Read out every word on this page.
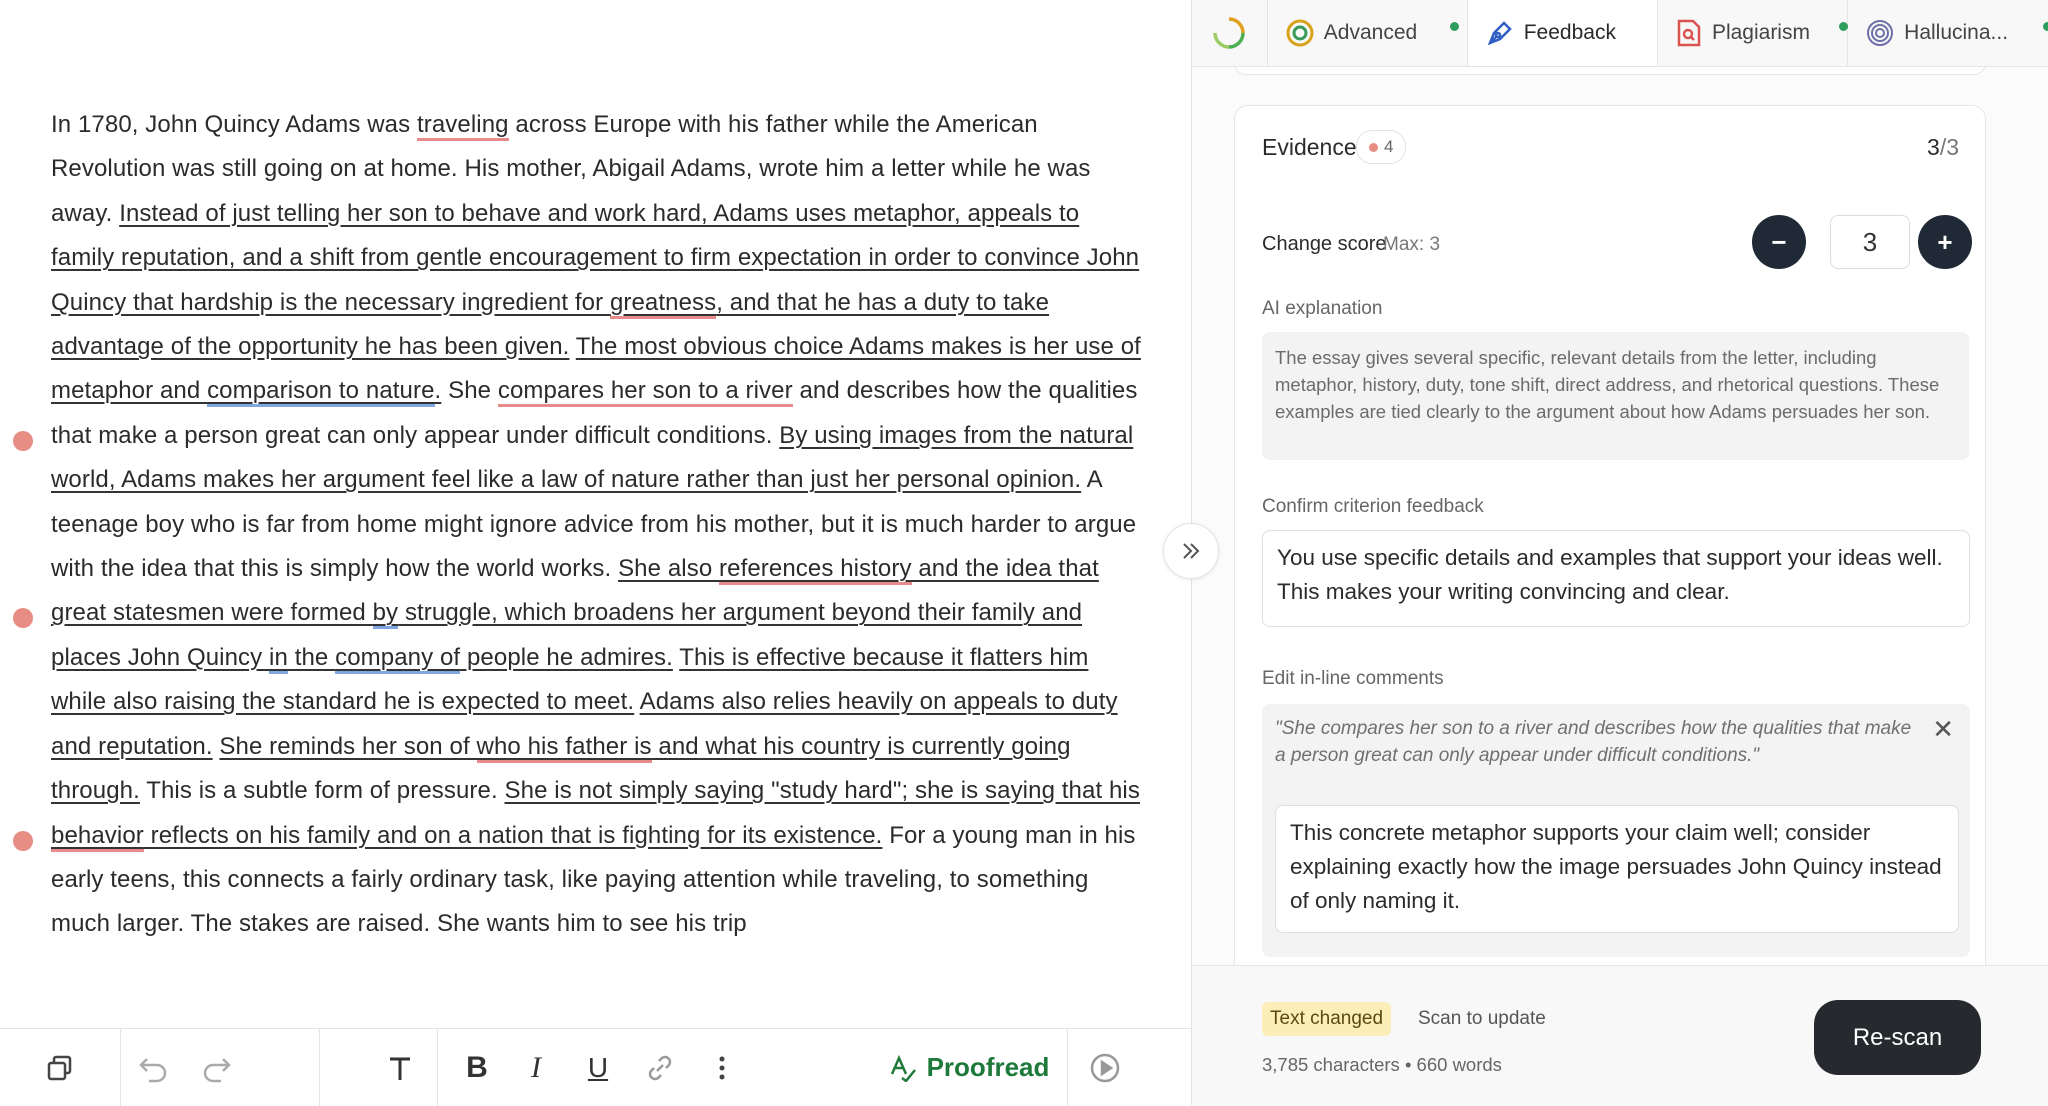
In 1780, John Quincy Adams was traveling across Europe with his father while the American Revolution was still going on at home. His mother, Abigail Adams, wrote him a letter while he was away. Instead of just telling her son to behave and work hard, Adams uses metaphor, appeals to family reputation, and a shift from gentle encouragement to firm expectation in order to convince John Quincy that hardship is the necessary ingredient for greatness, and that he has a duty to take advantage of the opportunity he has been given. The most obvious choice Adams makes is her use of metaphor and comparison to nature. She compares her son to a river and describes how the qualities that make a person great can only appear under difficult conditions. By using images from the natural world, Adams makes her argument feel like a law of nature rather than just her personal opinion. A teenage boy who is far from home might ignore advice from his mother, but it is much harder to argue with the idea that this is simply how the world works. She also references history and the idea that great statesmen were formed by struggle, which broadens her argument beyond their family and places John Quincy in the company of people he admires. This is effective because it flatters him while also raising the standard he is expected to meet. Adams also relies heavily on appeals to duty and reputation. She reminds her son of who his father is and what his country is currently going through. This is a subtle form of pressure. She is not simply saying "study hard"; she is saying that his behavior reflects on his family and on a nation that is fighting for its existence. For a young man in his early teens, this connects a fairly ordinary task, like paying attention while traveling, to something much larger. The stakes are raised. She wants him to see his trip

B	I	U	Proofread
Advanced	Feedback	Plagiarism	Hallucina...
Evidence 4	3/3
Change score
Max: 3	−	3	+
AI explanation
The essay gives several specific, relevant details from the letter, including metaphor, history, duty, tone shift, direct address, and rhetorical questions. These examples are tied clearly to the argument about how Adams persuades her son.
Confirm criterion feedback
You use specific details and examples that support your ideas well. This makes your writing convincing and clear.
Edit in-line comments
"She compares her son to a river and describes how the qualities that make a person great can only appear under difficult conditions."
✕
This concrete metaphor supports your claim well; consider explaining exactly how the image persuades John Quincy instead of only naming it.
Text changed	Scan to update
3,785 characters • 660 words
Re-scan
